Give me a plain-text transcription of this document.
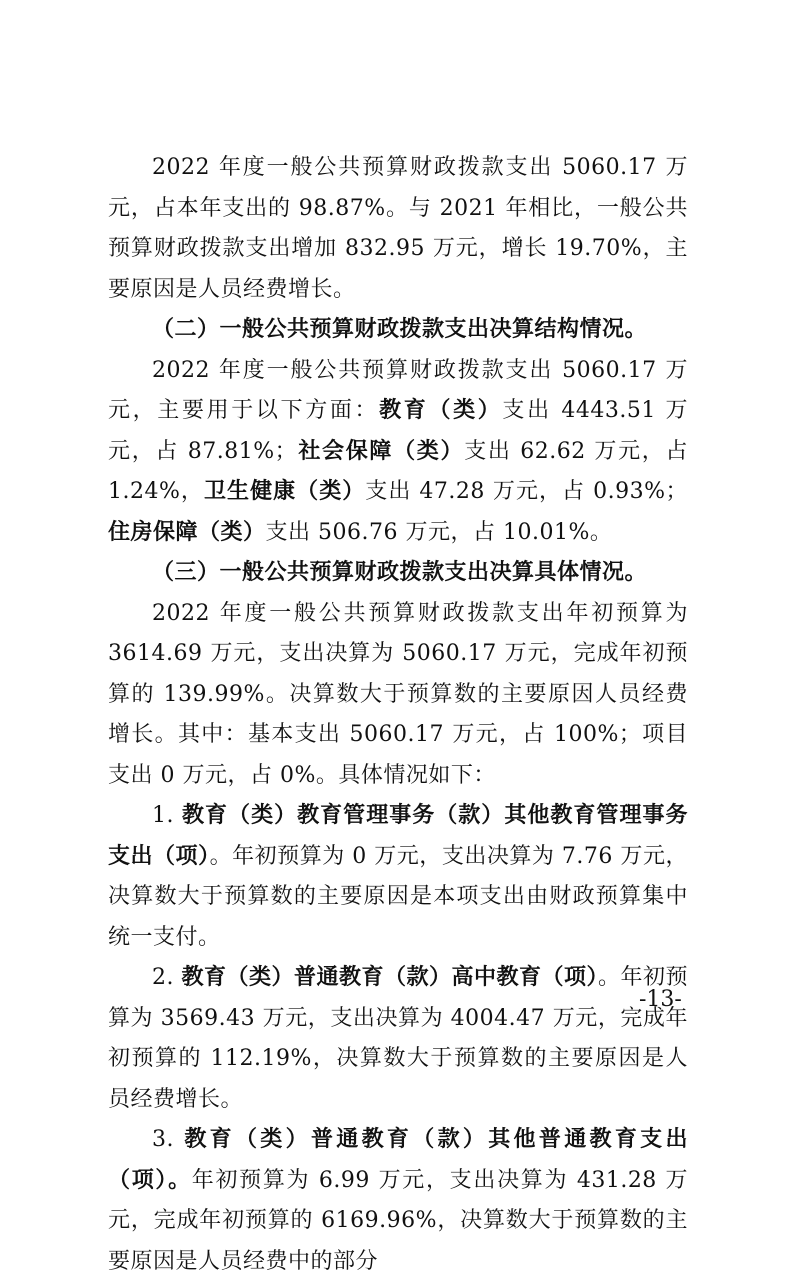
2022 年度一般公共预算财政拨款支出 5060.17 万元，占本年支出的 98.87%。与 2021 年相比，一般公共预算财政拨款支出增加 832.95 万元，增长 19.70%，主要原因是人员经费增长。

（二）一般公共预算财政拨款支出决算结构情况。

2022 年度一般公共预算财政拨款支出 5060.17 万元，主要用于以下方面：教育（类）支出 4443.51 万元，占 87.81%；社会保障（类）支出 62.62 万元，占 1.24%，卫生健康（类）支出 47.28 万元，占 0.93%；住房保障（类）支出 506.76 万元，占 10.01%。

（三）一般公共预算财政拨款支出决算具体情况。

2022 年度一般公共预算财政拨款支出年初预算为 3614.69 万元，支出决算为 5060.17 万元，完成年初预算的 139.99%。决算数大于预算数的主要原因人员经费增长。其中：基本支出 5060.17 万元，占 100%；项目支出 0 万元，占 0%。具体情况如下：

1. 教育（类）教育管理事务（款）其他教育管理事务支出（项）。年初预算为 0 万元，支出决算为 7.76 万元，决算数大于预算数的主要原因是本项支出由财政预算集中统一支付。

2. 教育（类）普通教育（款）高中教育（项）。年初预算为 3569.43 万元，支出决算为 4004.47 万元，完成年初预算的 112.19%，决算数大于预算数的主要原因是人员经费增长。

3. 教育（类）普通教育（款）其他普通教育支出（项）。年初预算为 6.99 万元，支出决算为 431.28 万元，完成年初预算的 6169.96%，决算数大于预算数的主要原因是人员经费中的部分

-13-
